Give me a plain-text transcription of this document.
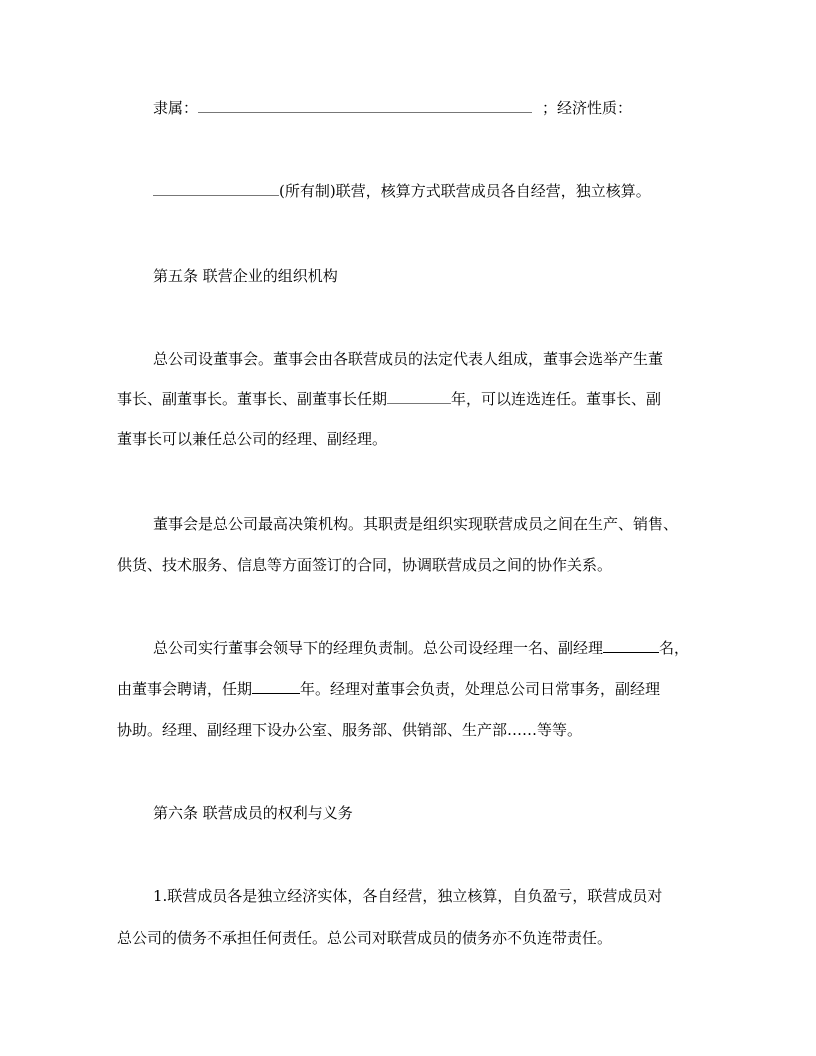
隶属：	；经济性质：
(所有制)联营，核算方式联营成员各自经营，独立核算。
第五条 联营企业的组织机构
总公司设董事会。董事会由各联营成员的法定代表人组成，董事会选举产生董
事长、副董事长。董事长、副董事长任期	年，可以连选连任。董事长、副
董事长可以兼任总公司的经理、副经理。
董事会是总公司最高决策机构。其职责是组织实现联营成员之间在生产、销售、
供货、技术服务、信息等方面签订的合同，协调联营成员之间的协作关系。
总公司实行董事会领导下的经理负责制。总公司设经理一名、副经理	名，
由董事会聘请，任期	年。经理对董事会负责，处理总公司日常事务，副经理
协助。经理、副经理下设办公室、服务部、供销部、生产部……等等。
第六条 联营成员的权利与义务
1.联营成员各是独立经济实体，各自经营，独立核算，自负盈亏，联营成员对
总公司的债务不承担任何责任。总公司对联营成员的债务亦不负连带责任。
